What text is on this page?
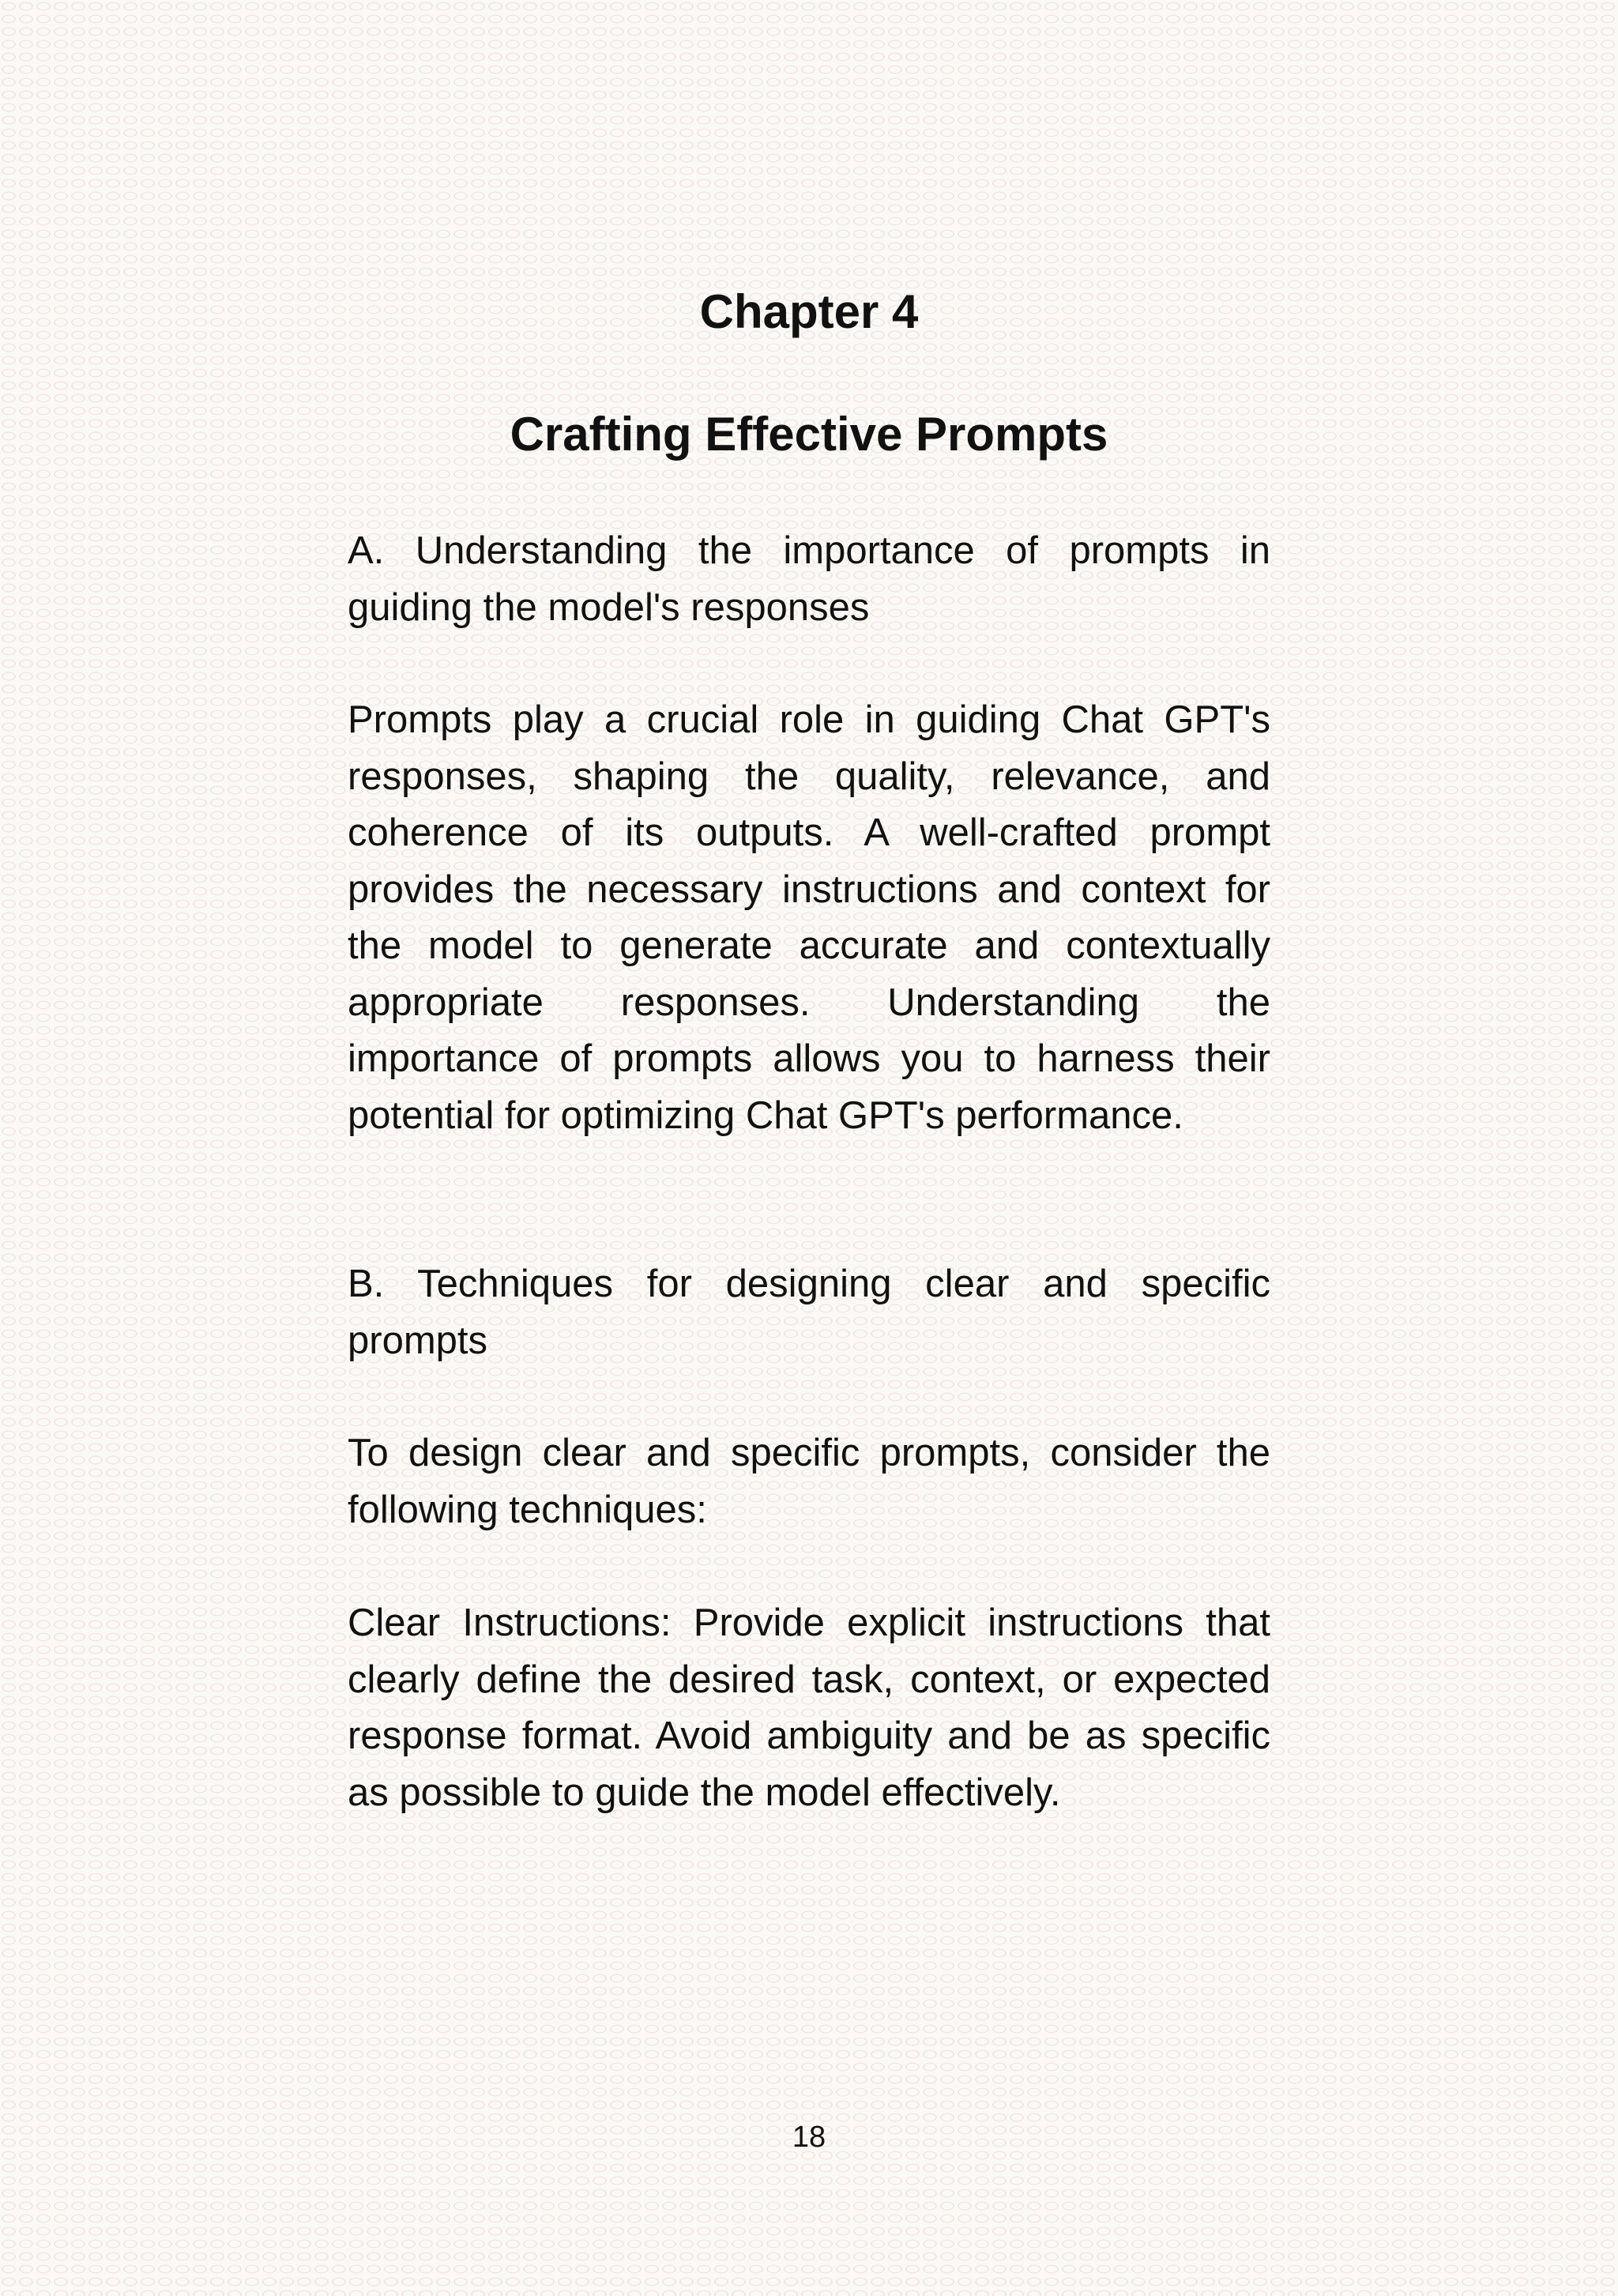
Chapter 4
Crafting Effective Prompts
A. Understanding the importance of prompts in guiding the model's responses
Prompts play a crucial role in guiding Chat GPT's responses, shaping the quality, relevance, and coherence of its outputs. A well-crafted prompt provides the necessary instructions and context for the model to generate accurate and contextually appropriate responses. Understanding the importance of prompts allows you to harness their potential for optimizing Chat GPT's performance.
B. Techniques for designing clear and specific prompts
To design clear and specific prompts, consider the following techniques:
Clear Instructions: Provide explicit instructions that clearly define the desired task, context, or expected response format. Avoid ambiguity and be as specific as possible to guide the model effectively.
18
